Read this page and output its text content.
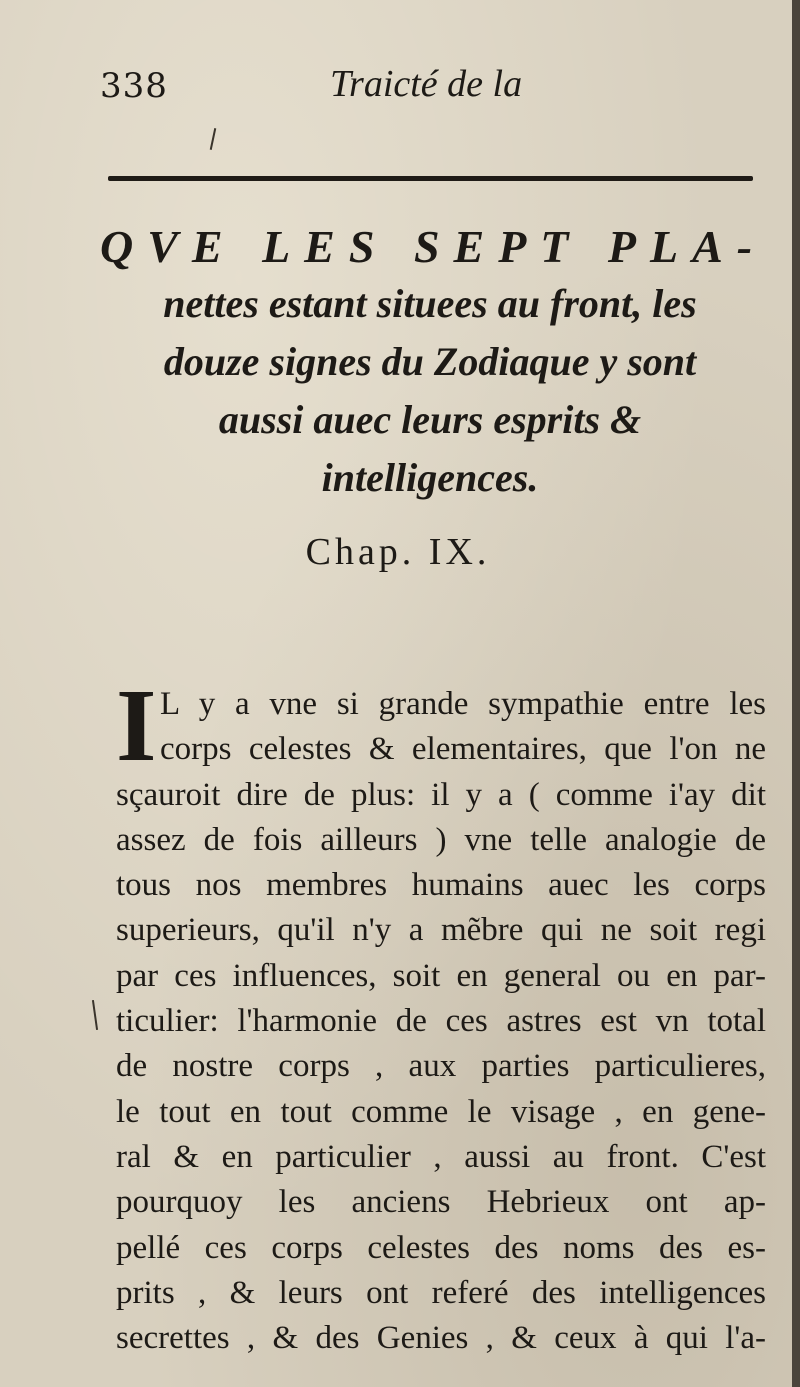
338	Traicté de la
QVE LES SEPT PLA-
nettes estant situees au front, les
douze signes du Zodiaque y sont
aussi auec leurs esprits &
intelligences.
Chap. IX.
I L y a vne si grande sympathie entre les
corps celestes & elementaires, que l'on ne
sçauroit dire de plus: il y a ( comme i'ay dit
assez de fois ailleurs ) vne telle analogie de
tous nos membres humains auec les corps
superieurs, qu'il n'y a mẽbre qui ne soit regi
par ces influences, soit en general ou en par-
ticulier: l'harmonie de ces astres est vn total
de nostre corps , aux parties particulieres,
le tout en tout comme le visage , en gene-
ral & en particulier , aussi au front. C'est
pourquoy les anciens Hebrieux ont ap-
pellé ces corps celestes des noms des es-
prits , & leurs ont referé des intelligences
secrettes , & des Genies , & ceux à qui l'a-
